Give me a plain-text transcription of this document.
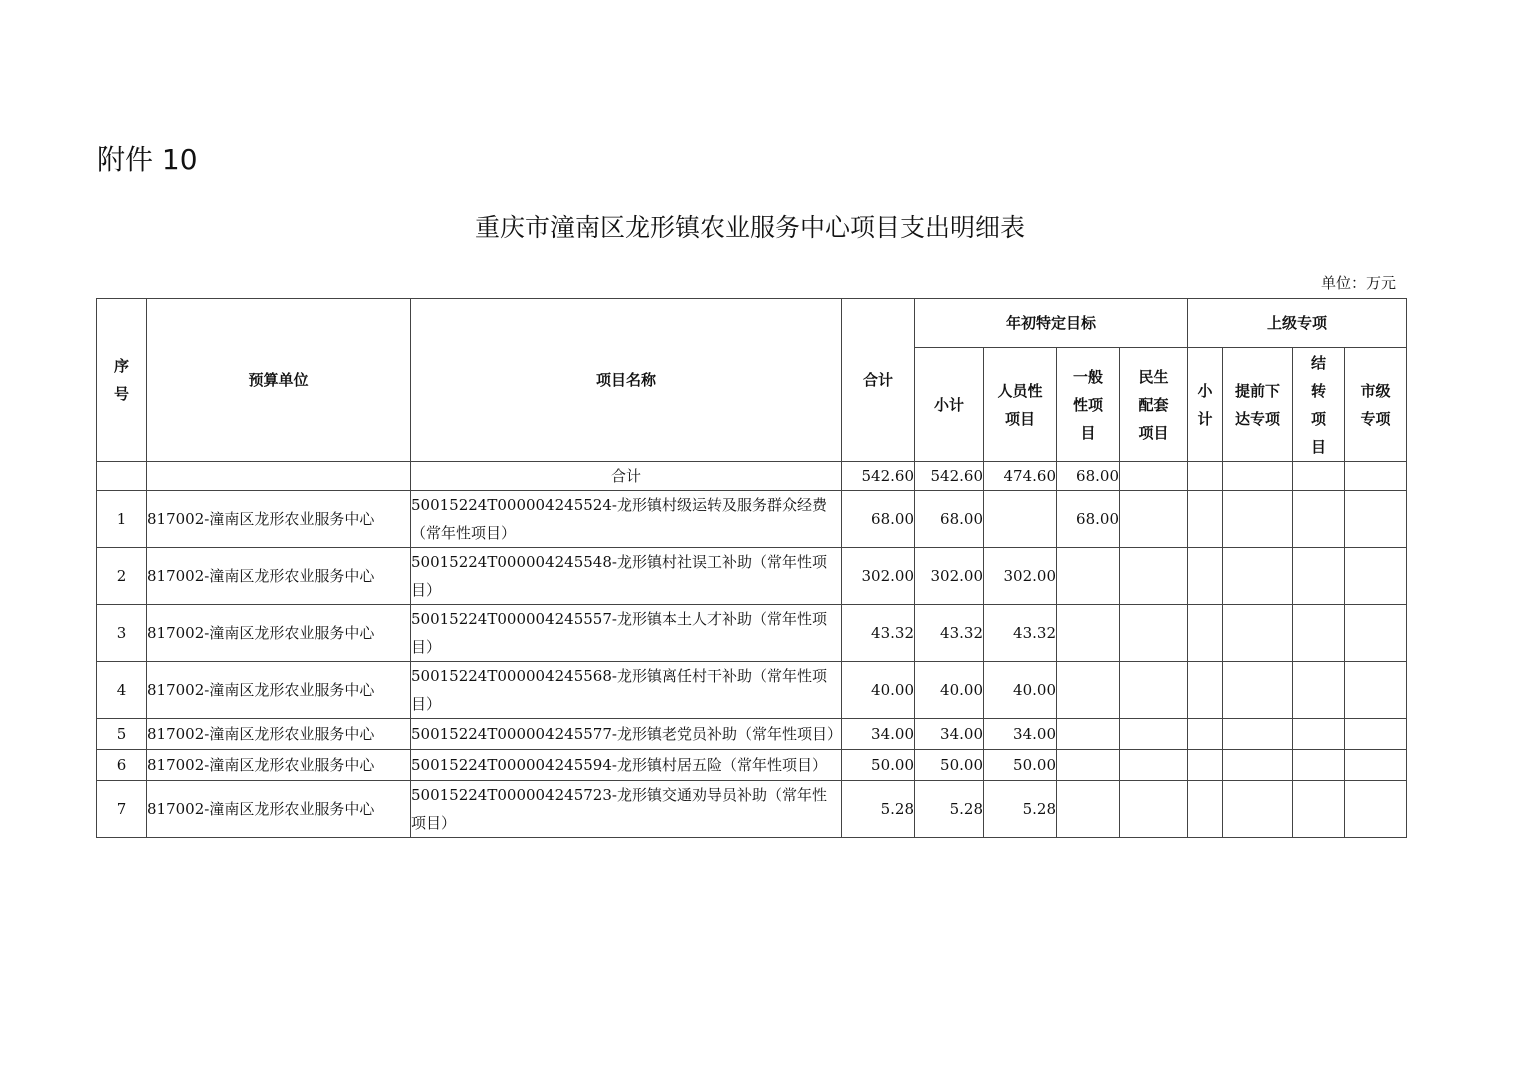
附件 10
重庆市潼南区龙形镇农业服务中心项目支出明细表
单位：万元
序号	预算单位	项目名称	合计	年初特定目标				上级专项			
				小计	人员性项目	一般性项目	民生配套项目	小计	提前下达专项	结转项目	市级专项

		合计	542.60	542.60	474.60	68.00					
1	817002-潼南区龙形农业服务中心	50015224T000004245524-龙形镇村级运转及服务群众经费（常年性项目）	68.00	68.00		68.00					
2	817002-潼南区龙形农业服务中心	50015224T000004245548-龙形镇村社误工补助（常年性项目）	302.00	302.00	302.00						
3	817002-潼南区龙形农业服务中心	50015224T000004245557-龙形镇本土人才补助（常年性项目）	43.32	43.32	43.32						
4	817002-潼南区龙形农业服务中心	50015224T000004245568-龙形镇离任村干补助（常年性项目）	40.00	40.00	40.00						
5	817002-潼南区龙形农业服务中心	50015224T000004245577-龙形镇老党员补助（常年性项目）	34.00	34.00	34.00						
6	817002-潼南区龙形农业服务中心	50015224T000004245594-龙形镇村居五险（常年性项目）	50.00	50.00	50.00						
7	817002-潼南区龙形农业服务中心	50015224T000004245723-龙形镇交通劝导员补助（常年性项目）	5.28	5.28	5.28						
